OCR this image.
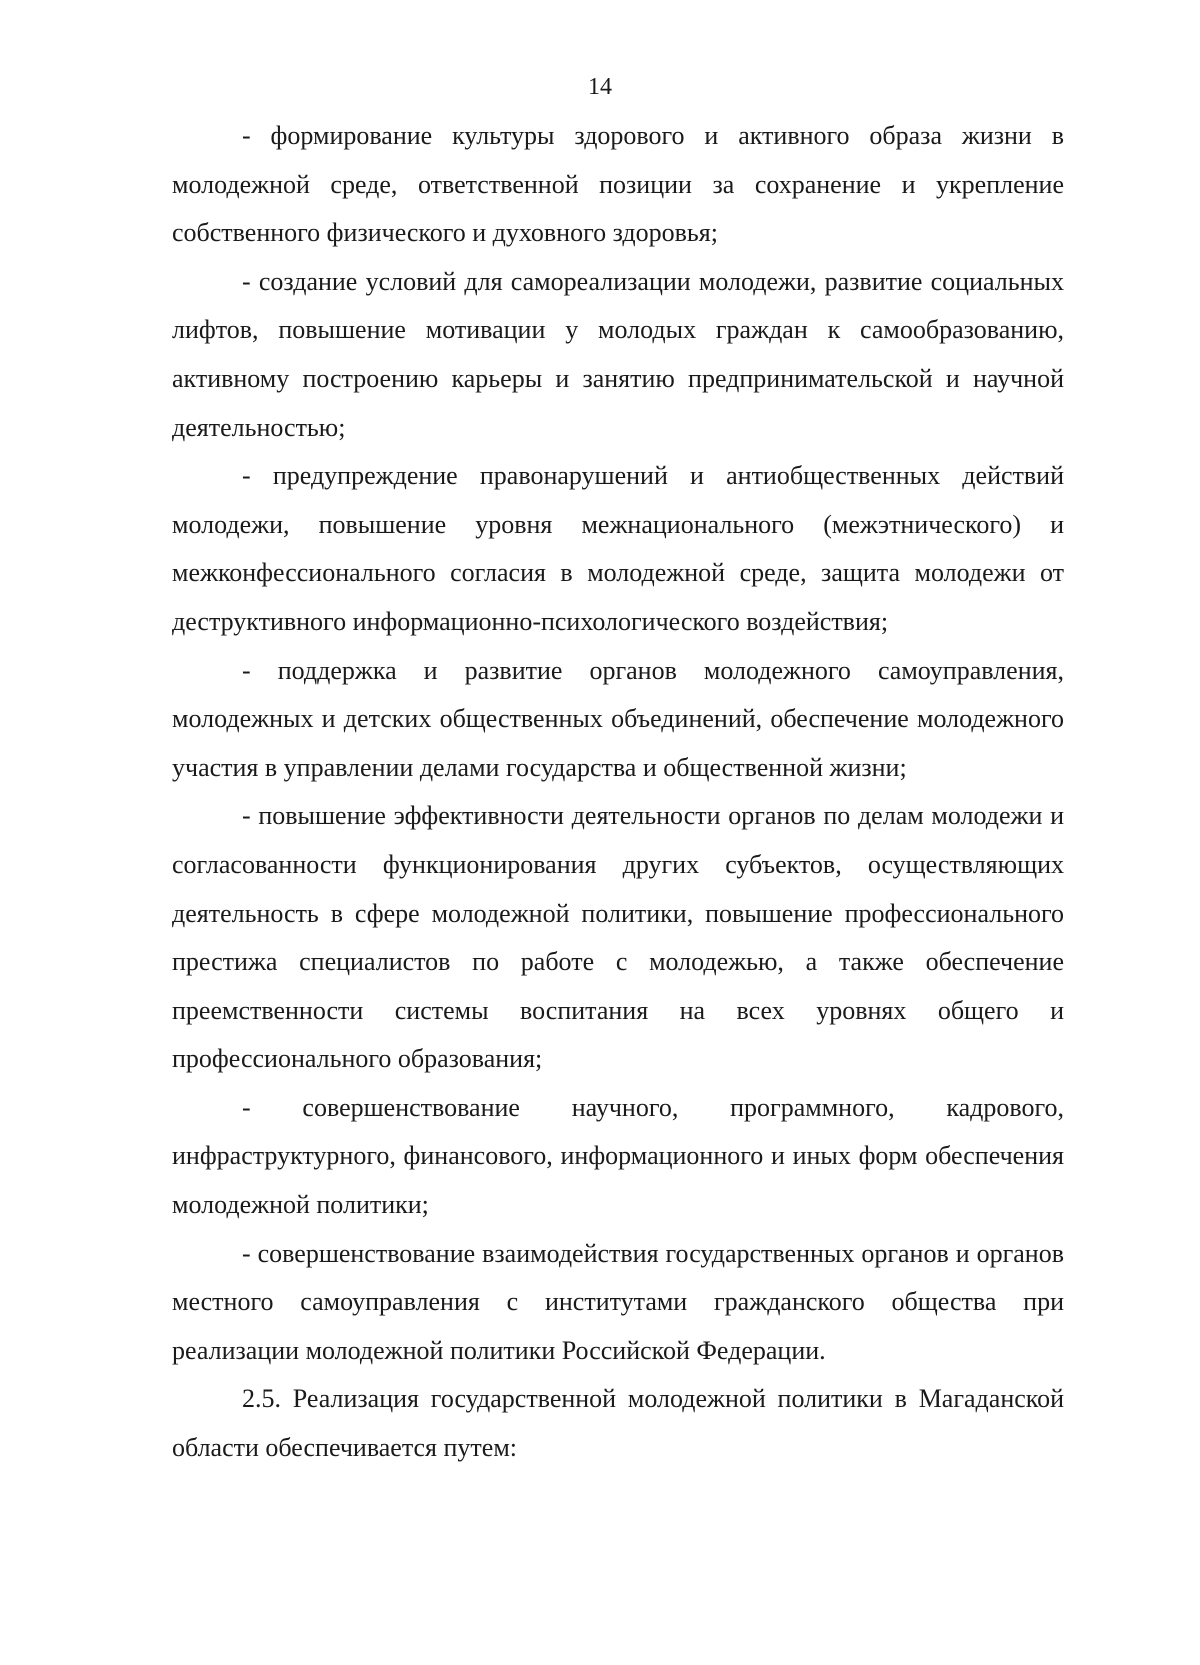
14

- формирование культуры здорового и активного образа жизни в молодежной среде, ответственной позиции за сохранение и укрепление собственного физического и духовного здоровья;

- создание условий для самореализации молодежи, развитие социальных лифтов, повышение мотивации у молодых граждан к самообразованию, активному построению карьеры и занятию предпринимательской и научной деятельностью;

- предупреждение правонарушений и антиобщественных действий молодежи, повышение уровня межнационального (межэтнического) и межконфессионального согласия в молодежной среде, защита молодежи от деструктивного информационно-психологического воздействия;

- поддержка и развитие органов молодежного самоуправления, молодежных и детских общественных объединений, обеспечение молодежного участия в управлении делами государства и общественной жизни;

- повышение эффективности деятельности органов по делам молодежи и согласованности функционирования других субъектов, осуществляющих деятельность в сфере молодежной политики, повышение профессионального престижа специалистов по работе с молодежью, а также обеспечение преемственности системы воспитания на всех уровнях общего и профессионального образования;

- совершенствование научного, программного, кадрового, инфраструктурного, финансового, информационного и иных форм обеспечения молодежной политики;

- совершенствование взаимодействия государственных органов и органов местного самоуправления с институтами гражданского общества при реализации молодежной политики Российской Федерации.

2.5. Реализация государственной молодежной политики в Магаданской области обеспечивается путем:
